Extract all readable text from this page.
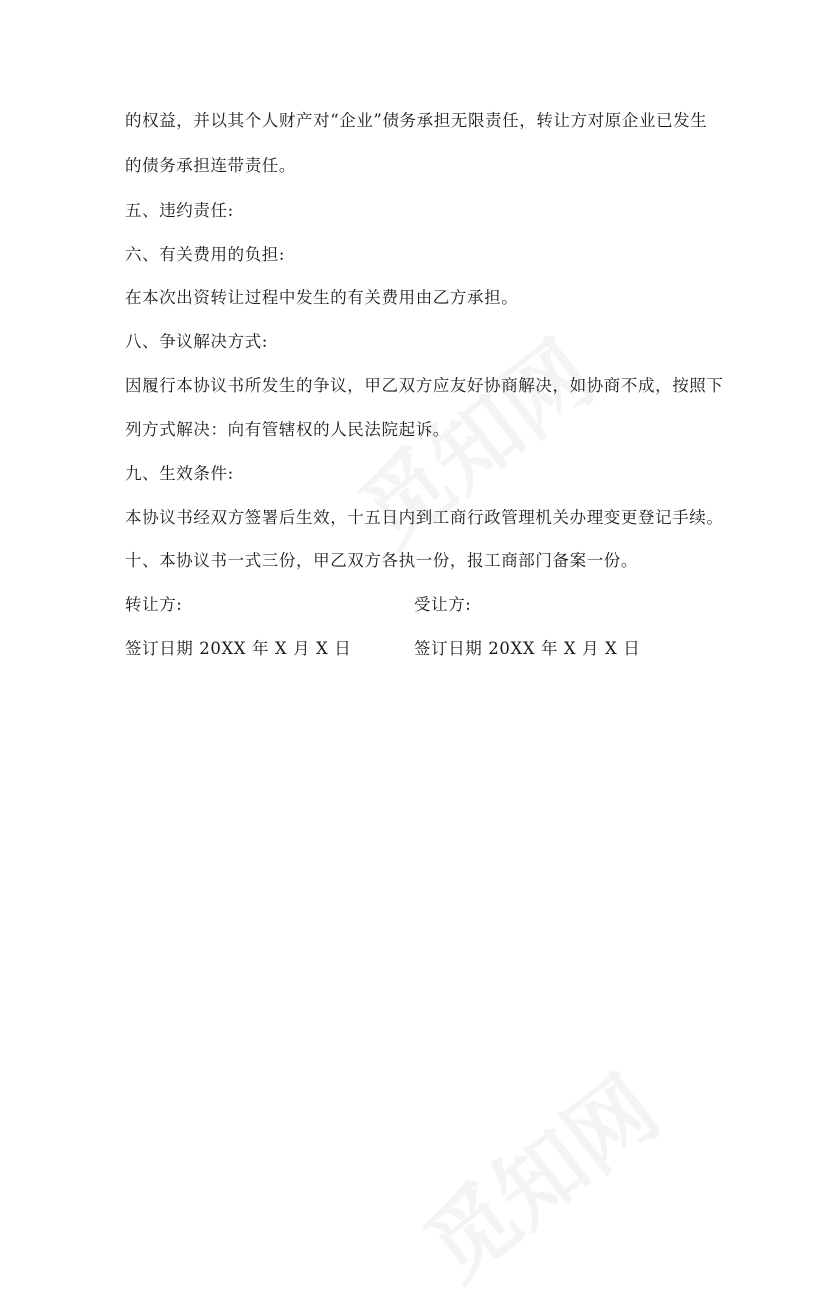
的权益，并以其个人财产对“企业”债务承担无限责任，转让方对原企业已发生
的债务承担连带责任。
五、违约责任:
六、有关费用的负担:
在本次出资转让过程中发生的有关费用由乙方承担。
八、争议解决方式:
因履行本协议书所发生的争议，甲乙双方应友好协商解决，如协商不成，按照下
列方式解决：向有管辖权的人民法院起诉。
九、生效条件:
本协议书经双方签署后生效，十五日内到工商行政管理机关办理变更登记手续。
十、本协议书一式三份，甲乙双方各执一份，报工商部门备案一份。
转让方:	受让方:
签订日期 20XX 年 X 月 X 日	签订日期 20XX 年 X 月 X 日
